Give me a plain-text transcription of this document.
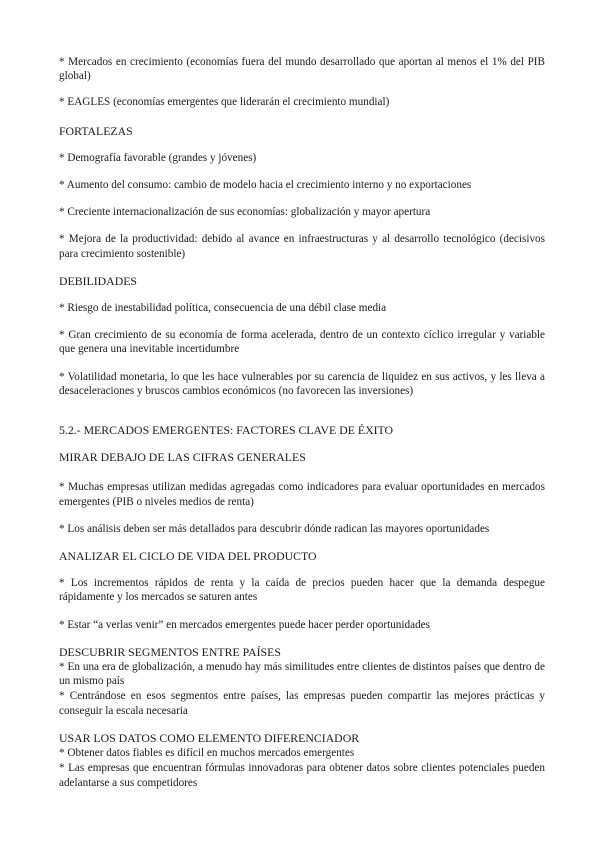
* Mercados en crecimiento (economías fuera del mundo desarrollado que aportan al menos el 1% del PIB global)

* EAGLES (economías emergentes que liderarán el crecimiento mundial)

FORTALEZAS

* Demografía favorable (grandes y jóvenes)

* Aumento del consumo: cambio de modelo hacia el crecimiento interno y no exportaciones

* Creciente internacionalización de sus economías: globalización y mayor apertura

* Mejora de la productividad: debido al avance en infraestructuras y al desarrollo tecnológico (decisivos para crecimiento sostenible)

DEBILIDADES

* Riesgo de inestabilidad política, consecuencia de una débil clase media

* Gran crecimiento de su economía de forma acelerada, dentro de un contexto cíclico irregular y variable que genera una inevitable incertidumbre

* Volatilidad monetaria, lo que les hace vulnerables por su carencia de liquidez en sus activos, y les lleva a desaceleraciones y bruscos cambios económicos (no favorecen las inversiones)

5.2.- MERCADOS EMERGENTES: FACTORES CLAVE DE ÉXITO

MIRAR DEBAJO DE LAS CIFRAS GENERALES

* Muchas empresas utilizan medidas agregadas como indicadores para evaluar oportunidades en mercados emergentes (PIB o niveles medios de renta)

* Los análisis deben ser más detallados para descubrir dónde radican las mayores oportunidades

ANALIZAR EL CICLO DE VIDA DEL PRODUCTO

* Los incrementos rápidos de renta y la caída de precios pueden hacer que la demanda despegue rápidamente y los mercados se saturen antes

* Estar “a verlas venir” en mercados emergentes puede hacer perder oportunidades

DESCUBRIR SEGMENTOS ENTRE PAÍSES

* En una era de globalización, a menudo hay más similitudes entre clientes de distintos países que dentro de un mismo país

* Centrándose en esos segmentos entre países, las empresas pueden compartir las mejores prácticas y conseguir la escala necesaria

USAR LOS DATOS COMO ELEMENTO DIFERENCIADOR

* Obtener datos fiables es difícil en muchos mercados emergentes

* Las empresas que encuentran fórmulas innovadoras para obtener datos sobre clientes potenciales pueden adelantarse a sus competidores
